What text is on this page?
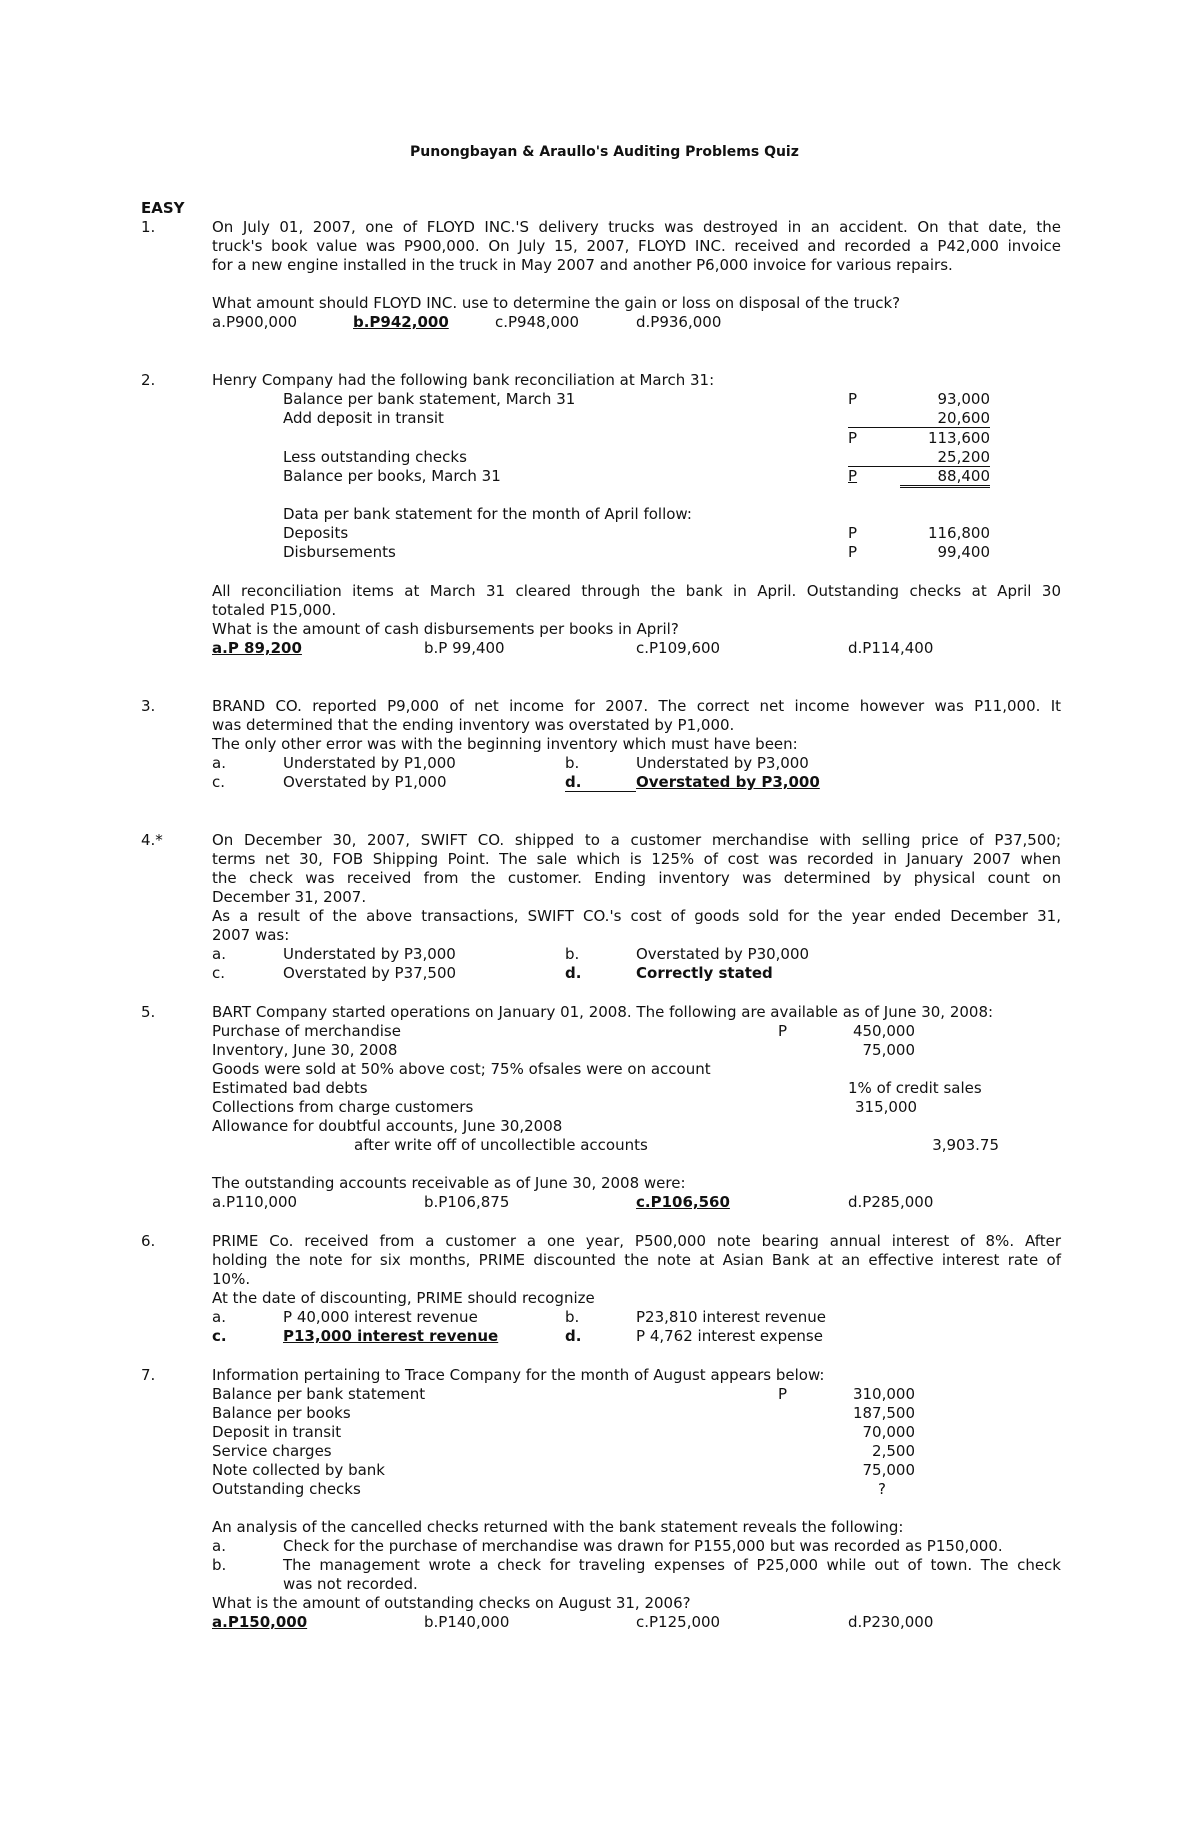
Punongbayan & Araullo's Auditing Problems Quiz
EASY
1.	On July 01, 2007, one of FLOYD INC.'S delivery trucks was destroyed in an accident. On that date, the
truck's book value was P900,000. On July 15, 2007, FLOYD INC. received and recorded a P42,000 invoice
for a new engine installed in the truck in May 2007 and another P6,000 invoice for various repairs.
What amount should FLOYD INC. use to determine the gain or loss on disposal of the truck?
a.P900,000	b.P942,000	c.P948,000	d.P936,000
2.	Henry Company had the following bank reconciliation at March 31:
Balance per bank statement, March 31	P	93,000
Add deposit in transit	20,600
P	113,600
Less outstanding checks	25,200
Balance per books, March 31	P	88,400
Data per bank statement for the month of April follow:
Deposits	P	116,800
Disbursements	P	99,400
All reconciliation items at March 31 cleared through the bank in April. Outstanding checks at April 30
totaled P15,000.
What is the amount of cash disbursements per books in April?
a.P 89,200	b.P 99,400	c.P109,600	d.P114,400
3.	BRAND CO. reported P9,000 of net income for 2007. The correct net income however was P11,000. It
was determined that the ending inventory was overstated by P1,000.
The only other error was with the beginning inventory which must have been:
a.	Understated by P1,000	b.	Understated by P3,000
c.	Overstated by P1,000	d.	Overstated by P3,000
4.*	On December 30, 2007, SWIFT CO. shipped to a customer merchandise with selling price of P37,500;
terms net 30, FOB Shipping Point. The sale which is 125% of cost was recorded in January 2007 when
the check was received from the customer. Ending inventory was determined by physical count on
December 31, 2007.
As a result of the above transactions, SWIFT CO.'s cost of goods sold for the year ended December 31,
2007 was:
a.	Understated by P3,000	b.	Overstated by P30,000
c.	Overstated by P37,500	d.	Correctly stated
5.	BART Company started operations on January 01, 2008. The following are available as of June 30, 2008:
Purchase of merchandise	P	450,000
Inventory, June 30, 2008	75,000
Goods were sold at 50% above cost; 75% ofsales were on account
Estimated bad debts	1% of credit sales
Collections from charge customers	315,000
Allowance for doubtful accounts, June 30,2008
after write off of uncollectible accounts	3,903.75
The outstanding accounts receivable as of June 30, 2008 were:
a.P110,000	b.P106,875	c.P106,560	d.P285,000
6.	PRIME Co. received from a customer a one year, P500,000 note bearing annual interest of 8%. After
holding the note for six months, PRIME discounted the note at Asian Bank at an effective interest rate of
10%.
At the date of discounting, PRIME should recognize
a.	P 40,000 interest revenue	b.	P23,810 interest revenue
c.	P13,000 interest revenue	d.	P 4,762 interest expense
7.	Information pertaining to Trace Company for the month of August appears below:
Balance per bank statement	P	310,000
Balance per books	187,500
Deposit in transit	70,000
Service charges	2,500
Note collected by bank	75,000
Outstanding checks	?
An analysis of the cancelled checks returned with the bank statement reveals the following:
a.	Check for the purchase of merchandise was drawn for P155,000 but was recorded as P150,000.
b.	The management wrote a check for traveling expenses of P25,000 while out of town. The check
was not recorded.
What is the amount of outstanding checks on August 31, 2006?
a.P150,000	b.P140,000	c.P125,000	d.P230,000
